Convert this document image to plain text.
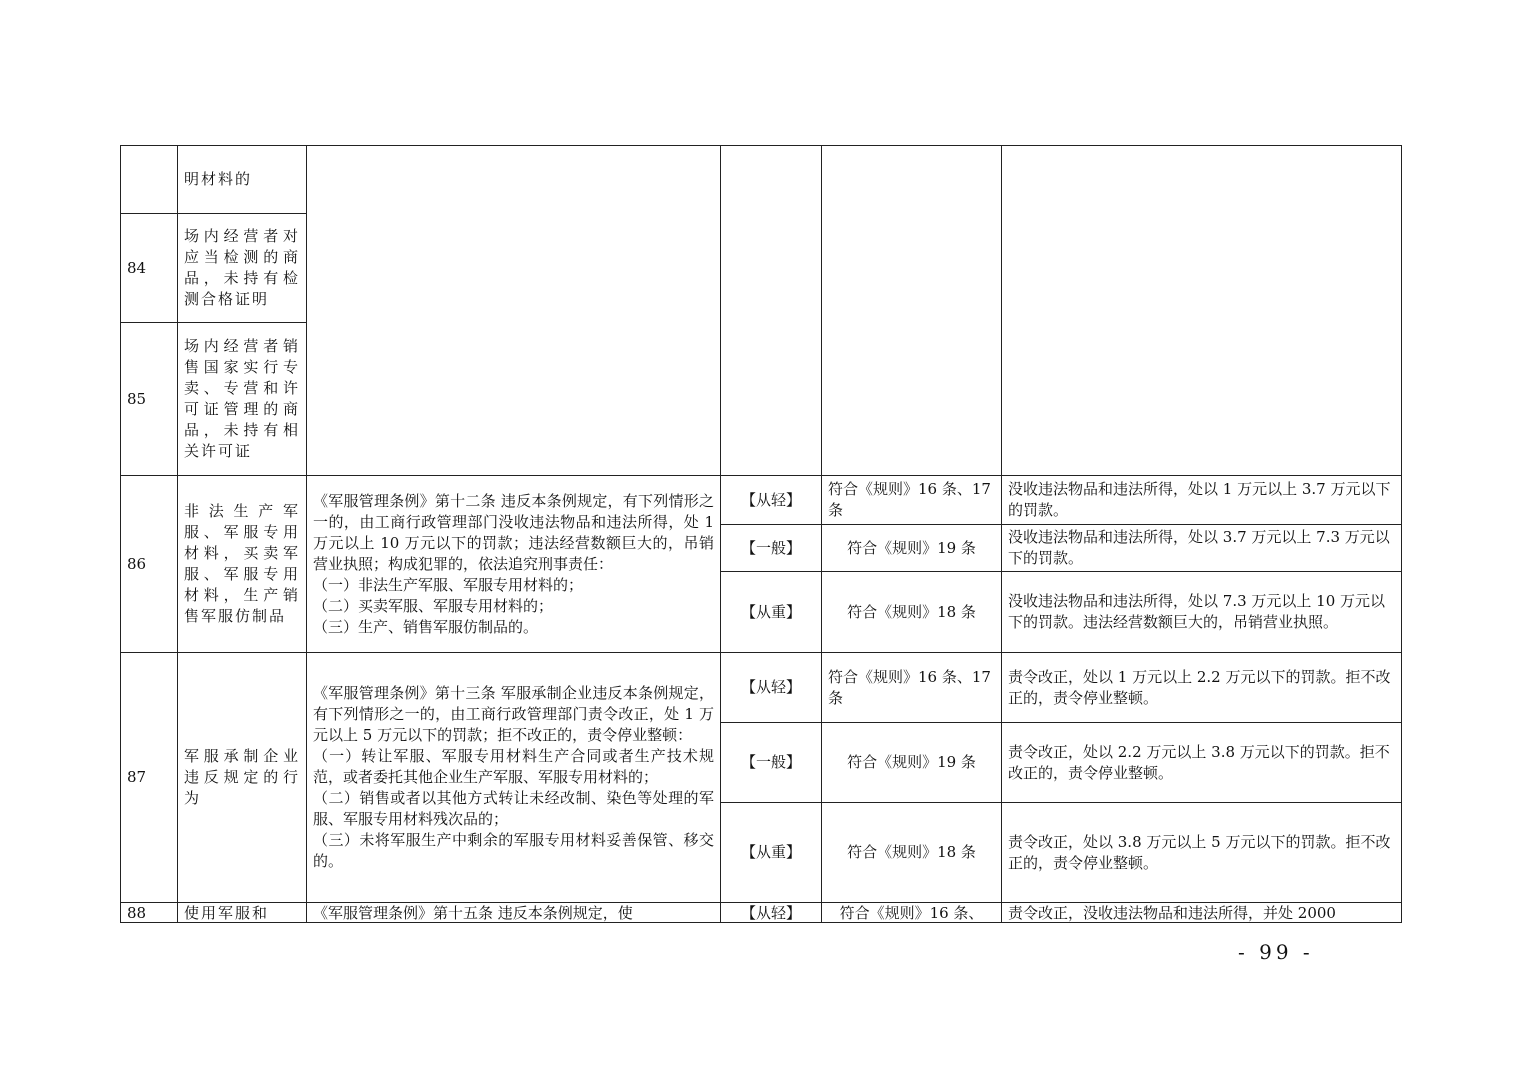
	明材料的				
84	场内经营者对应当检测的商品，未持有检测合格证明				
85	场内经营者销售国家实行专卖、专营和许可证管理的商品，未持有相关许可证				
86	非法生产军服、军服专用材料，买卖军服、军服专用材料，生产销售军服仿制品	《军服管理条例》第十二条 违反本条例规定，有下列情形之一的，由工商行政管理部门没收违法物品和违法所得，处 1 万元以上 10 万元以下的罚款；违法经营数额巨大的，吊销营业执照；构成犯罪的，依法追究刑事责任：
（一）非法生产军服、军服专用材料的；
（二）买卖军服、军服专用材料的；
（三）生产、销售军服仿制品的。	【从轻】	符合《规则》16 条、17 条	没收违法物品和违法所得，处以 1 万元以上 3.7 万元以下的罚款。
			【一般】	符合《规则》19 条	没收违法物品和违法所得，处以 3.7 万元以上 7.3 万元以下的罚款。
			【从重】	符合《规则》18 条	没收违法物品和违法所得，处以 7.3 万元以上 10 万元以下的罚款。违法经营数额巨大的，吊销营业执照。
87	军服承制企业违反规定的行为	《军服管理条例》第十三条 军服承制企业违反本条例规定，有下列情形之一的，由工商行政管理部门责令改正，处 1 万元以上 5 万元以下的罚款；拒不改正的，责令停业整顿：
（一）转让军服、军服专用材料生产合同或者生产技术规范，或者委托其他企业生产军服、军服专用材料的；
（二）销售或者以其他方式转让未经改制、染色等处理的军服、军服专用材料残次品的；
（三）未将军服生产中剩余的军服专用材料妥善保管、移交的。	【从轻】	符合《规则》16 条、17 条	责令改正，处以 1 万元以上 2.2 万元以下的罚款。拒不改正的，责令停业整顿。
			【一般】	符合《规则》19 条	责令改正，处以 2.2 万元以上 3.8 万元以下的罚款。拒不改正的，责令停业整顿。
			【从重】	符合《规则》18 条	责令改正，处以 3.8 万元以上 5 万元以下的罚款。拒不改正的，责令停业整顿。
88	使用军服和	《军服管理条例》第十五条 违反本条例规定，使	【从轻】	符合《规则》16 条、	责令改正，没收违法物品和违法所得，并处 2000
- 99 -
